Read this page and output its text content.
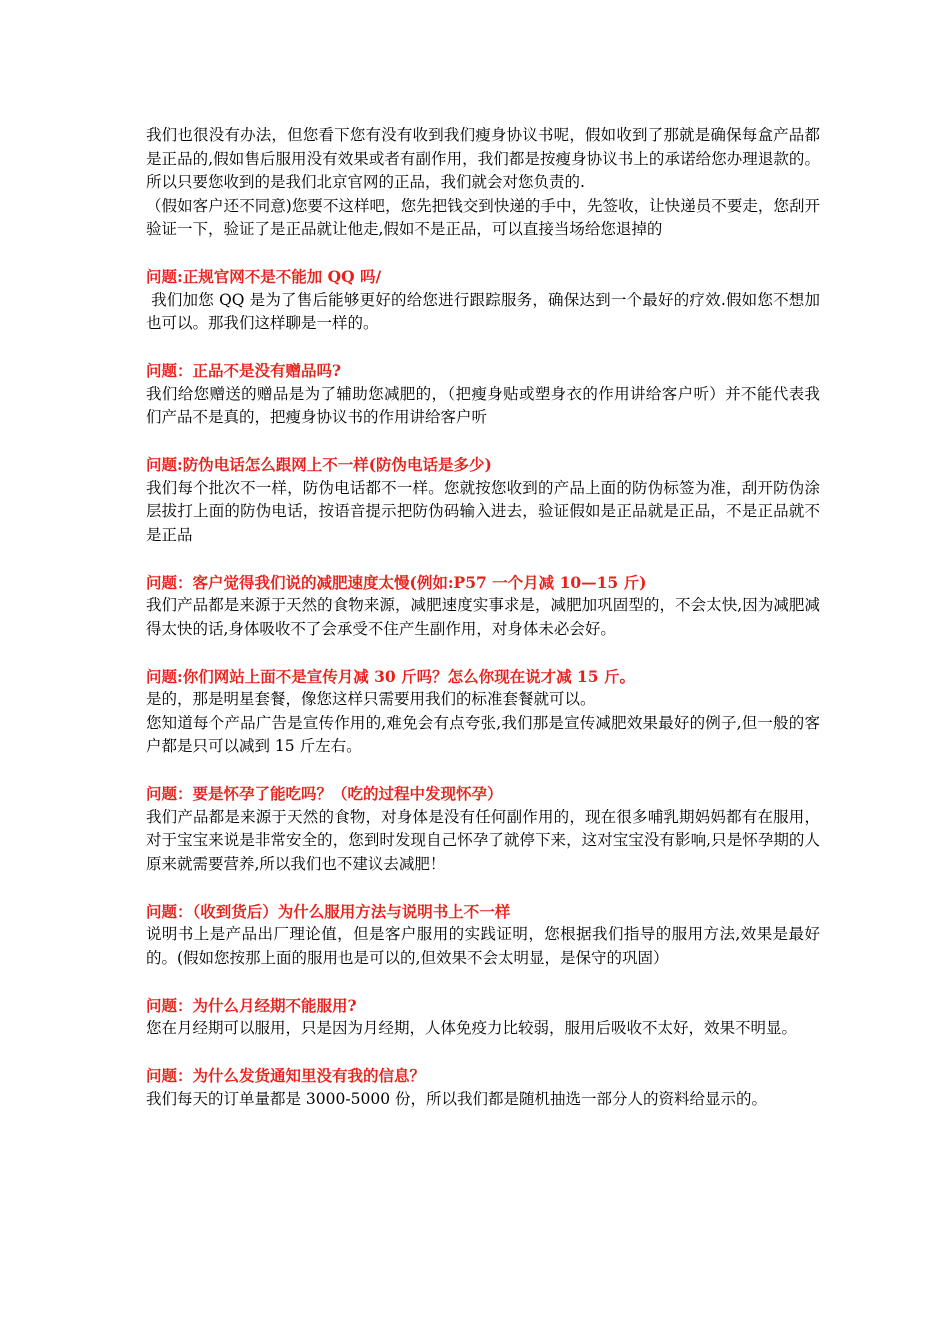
我们也很没有办法，但您看下您有没有收到我们瘦身协议书呢，假如收到了那就是确保每盒产品都是正品的,假如售后服用没有效果或者有副作用，我们都是按瘦身协议书上的承诺给您办理退款的。所以只要您收到的是我们北京官网的正品，我们就会对您负责的.

（假如客户还不同意)您要不这样吧，您先把钱交到快递的手中，先签收，让快递员不要走，您刮开验证一下，验证了是正品就让他走,假如不是正品，可以直接当场给您退掉的

问题:正规官网不是不能加 QQ 吗/

我们加您 QQ 是为了售后能够更好的给您进行跟踪服务，确保达到一个最好的疗效.假如您不想加也可以。那我们这样聊是一样的。

问题：正品不是没有赠品吗?

我们给您赠送的赠品是为了辅助您减肥的，（把瘦身贴或塑身衣的作用讲给客户听）并不能代表我们产品不是真的，把瘦身协议书的作用讲给客户听

问题:防伪电话怎么跟网上不一样(防伪电话是多少)

我们每个批次不一样，防伪电话都不一样。您就按您收到的产品上面的防伪标签为准，刮开防伪涂层拔打上面的防伪电话，按语音提示把防伪码输入进去，验证假如是正品就是正品，不是正品就不是正品

问题：客户觉得我们说的减肥速度太慢(例如:P57 一个月减 10—15 斤)

我们产品都是来源于天然的食物来源，减肥速度实事求是，减肥加巩固型的，不会太快,因为减肥减得太快的话,身体吸收不了会承受不住产生副作用，对身体未必会好。

问题:你们网站上面不是宣传月减 30 斤吗？怎么你现在说才减 15 斤。

是的，那是明星套餐，像您这样只需要用我们的标准套餐就可以。

您知道每个产品广告是宣传作用的,难免会有点夸张,我们那是宣传减肥效果最好的例子,但一般的客户都是只可以减到 15 斤左右。

问题：要是怀孕了能吃吗？（吃的过程中发现怀孕）

我们产品都是来源于天然的食物，对身体是没有任何副作用的，现在很多哺乳期妈妈都有在服用，对于宝宝来说是非常安全的，您到时发现自己怀孕了就停下来，这对宝宝没有影响,只是怀孕期的人原来就需要营养,所以我们也不建议去减肥！

问题：（收到货后）为什么服用方法与说明书上不一样

说明书上是产品出厂理论值，但是客户服用的实践证明，您根据我们指导的服用方法,效果是最好的。(假如您按那上面的服用也是可以的,但效果不会太明显，是保守的巩固）

问题：为什么月经期不能服用?

您在月经期可以服用，只是因为月经期，人体免疫力比较弱，服用后吸收不太好，效果不明显。

问题：为什么发货通知里没有我的信息？

我们每天的订单量都是 3000-5000 份，所以我们都是随机抽选一部分人的资料给显示的。
